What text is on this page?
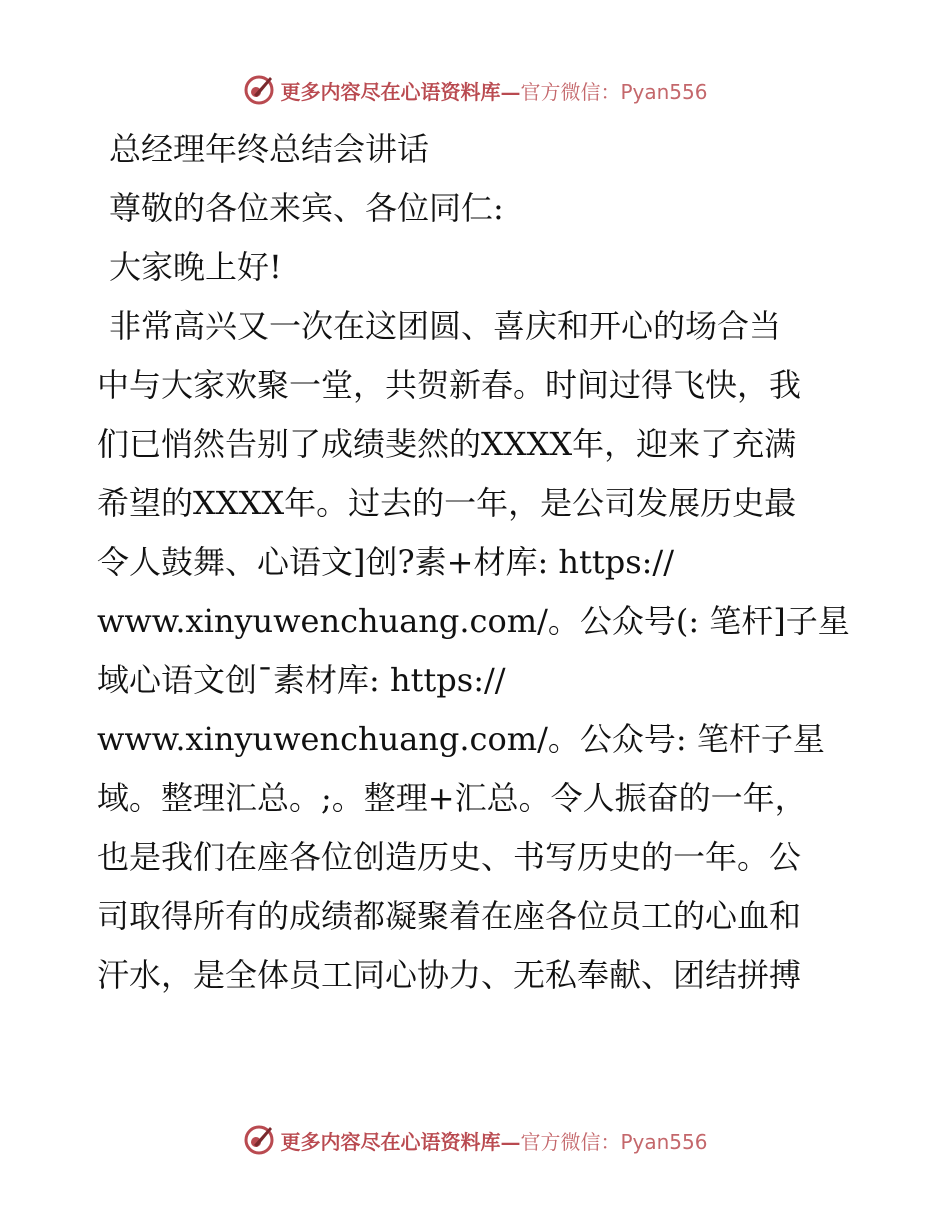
更多内容尽在心语资料库— 官方微信：Pyan556
总经理年终总结会讲话
尊敬的各位来宾、各位同仁:
大家晚上好!
非常高兴又一次在这团圆、喜庆和开心的场合当
中与大家欢聚一堂，共贺新春。时间过得飞快，我
们已悄然告别了成绩斐然的XXXX年，迎来了充满
希望的XXXX年。过去的一年，是公司发展历史最
令人鼓舞、心语文]创?素+材库: https://
www.xinyuwenchuang.com/。公众号(: 笔杆]子星
域心语文创¯素材库: https://
www.xinyuwenchuang.com/。公众号: 笔杆子星
域。整理汇总。;。整理+汇总。令人振奋的一年，
也是我们在座各位创造历史、书写历史的一年。公
司取得所有的成绩都凝聚着在座各位员工的心血和
汗水，是全体员工同心协力、无私奉献、团结拼搏
更多内容尽在心语资料库— 官方微信：Pyan556
